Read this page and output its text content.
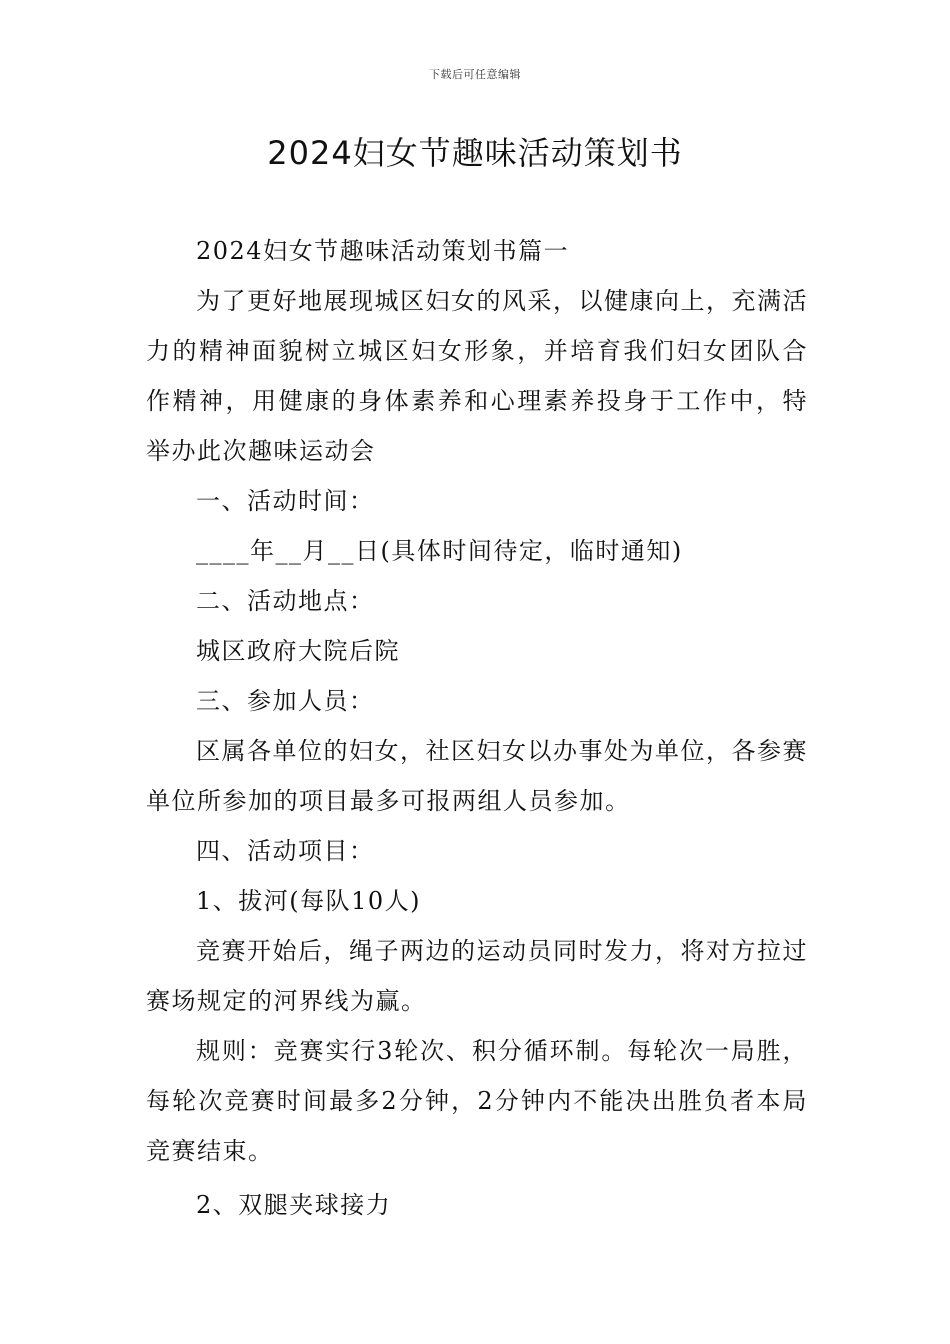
下载后可任意编辑
2024妇女节趣味活动策划书

2024妇女节趣味活动策划书篇一

为了更好地展现城区妇女的风采，以健康向上，充满活力的精神面貌树立城区妇女形象，并培育我们妇女团队合作精神，用健康的身体素养和心理素养投身于工作中，特举办此次趣味运动会

一、活动时间：

____年__月__日(具体时间待定，临时通知)

二、活动地点：

城区政府大院后院

三、参加人员：

区属各单位的妇女，社区妇女以办事处为单位，各参赛单位所参加的项目最多可报两组人员参加。

四、活动项目：

1、拔河(每队10人)

竞赛开始后，绳子两边的运动员同时发力，将对方拉过赛场规定的河界线为赢。

规则：竞赛实行3轮次、积分循环制。每轮次一局胜，每轮次竞赛时间最多2分钟，2分钟内不能决出胜负者本局竞赛结束。

2、双腿夹球接力
